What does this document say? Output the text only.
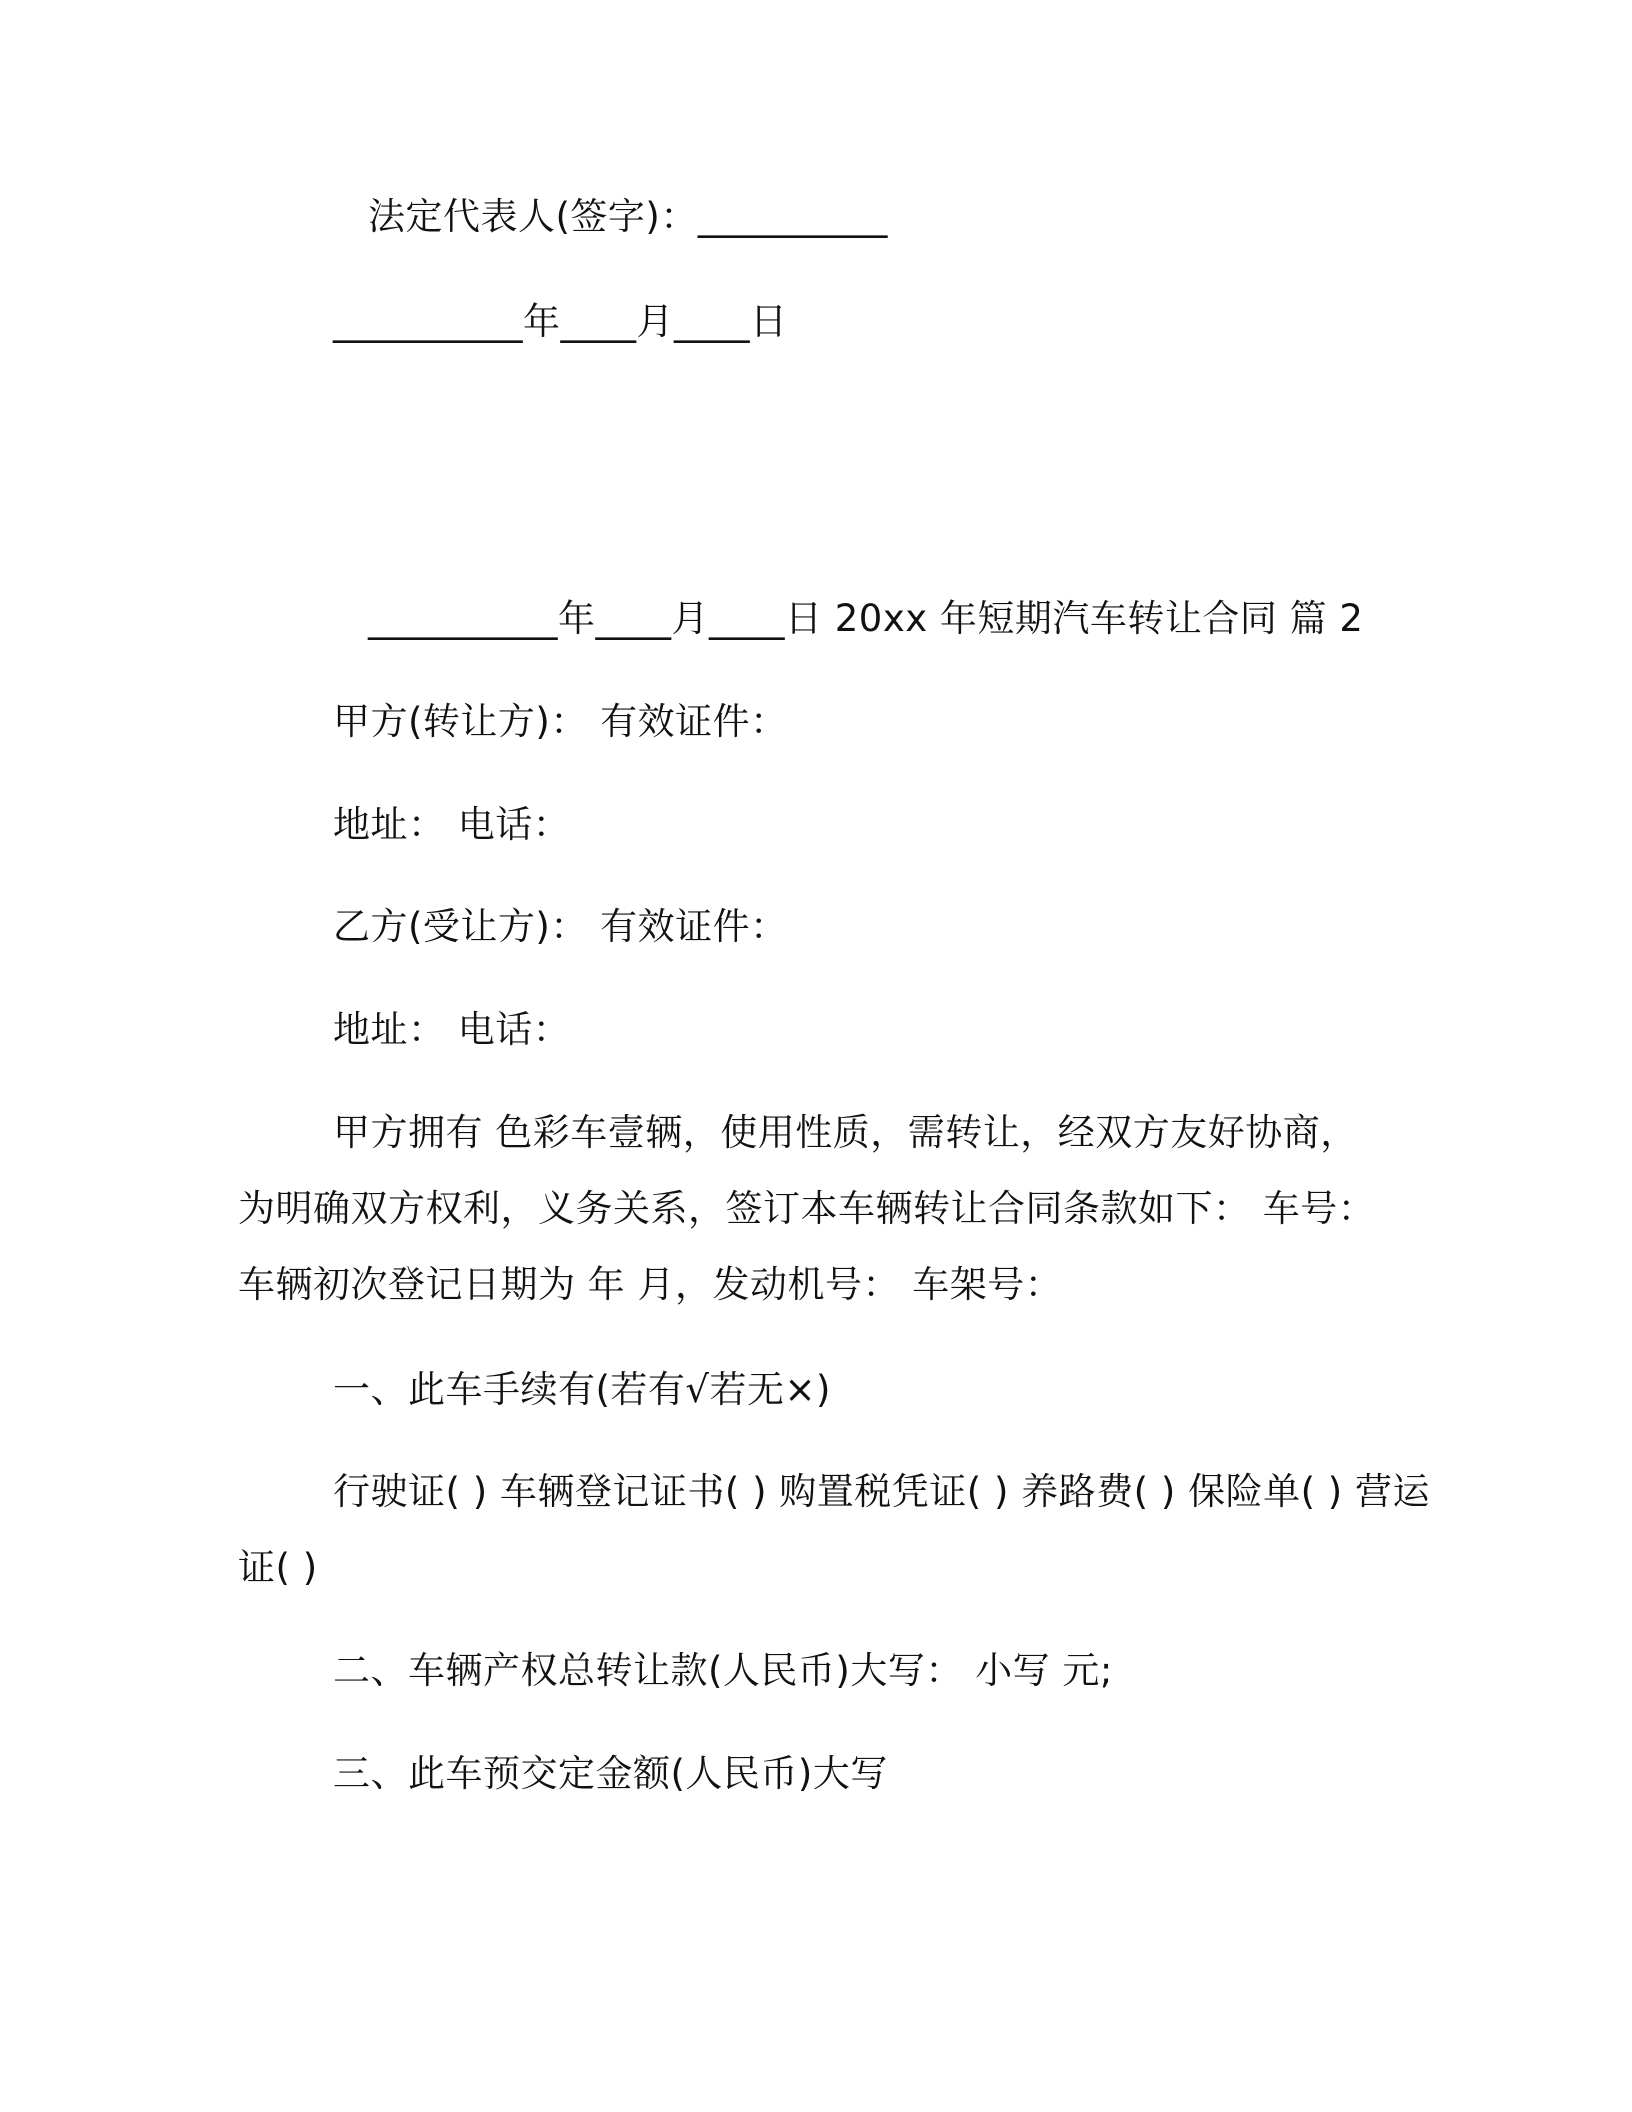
法定代表人(签字)：__________
__________年____月____日
__________年____月____日 20xx 年短期汽车转让合同 篇 2
甲方(转让方)： 有效证件：
地址： 电话：
乙方(受让方)： 有效证件：
地址： 电话：
甲方拥有 色彩车壹辆，使用性质，需转让，经双方友好协商，
为明确双方权利，义务关系，签订本车辆转让合同条款如下： 车号：
车辆初次登记日期为 年 月，发动机号： 车架号：
一、此车手续有(若有√若无×)
行驶证( ) 车辆登记证书( ) 购置税凭证( ) 养路费( ) 保险单( ) 营运
证( )
二、车辆产权总转让款(人民币)大写： 小写 元;
三、此车预交定金额(人民币)大写
